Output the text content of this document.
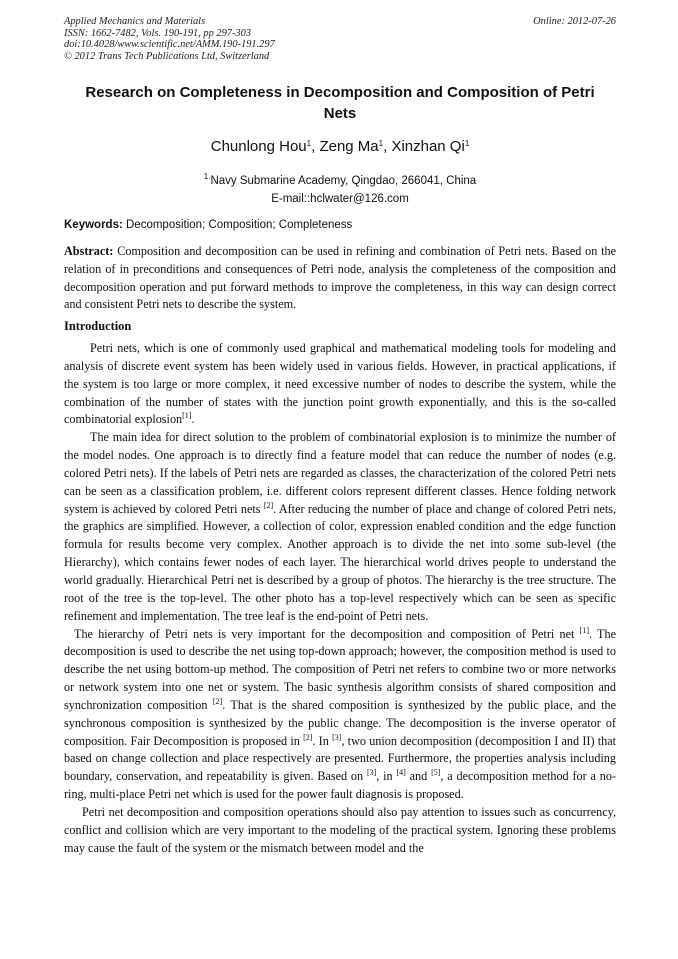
Applied Mechanics and Materials
ISSN: 1662-7482, Vols. 190-191, pp 297-303
doi:10.4028/www.scientific.net/AMM.190-191.297
© 2012 Trans Tech Publications Ltd, Switzerland
Online: 2012-07-26
Research on Completeness in Decomposition and Composition of Petri
Nets
Chunlong Hou$^1$, Zeng Ma$^1$, Xinzhan Qi$^1$
$^{1.}$Navy Submarine Academy, Qingdao, 266041, China
E-mail::hclwater@126.com
Keywords: Decomposition; Composition; Completeness
Abstract: Composition and decomposition can be used in refining and combination of Petri nets. Based on the relation of in preconditions and consequences of Petri node, analysis the completeness of the composition and decomposition operation and put forward methods to improve the completeness, in this way can design correct and consistent Petri nets to describe the system.
Introduction

Petri nets, which is one of commonly used graphical and mathematical modeling tools for modeling and analysis of discrete event system has been widely used in various fields. However, in practical applications, if the system is too large or more complex, it need excessive number of nodes to describe the system, while the combination of the number of states with the junction point growth exponentially, and this is the so-called combinatorial explosion[1].

The main idea for direct solution to the problem of combinatorial explosion is to minimize the number of the model nodes. One approach is to directly find a feature model that can reduce the number of nodes (e.g. colored Petri nets). If the labels of Petri nets are regarded as classes, the characterization of the colored Petri nets can be seen as a classification problem, i.e. different colors represent different classes. Hence folding network system is achieved by colored Petri nets [2]. After reducing the number of place and change of colored Petri nets, the graphics are simplified. However, a collection of color, expression enabled condition and the edge function formula for results become very complex. Another approach is to divide the net into some sub-level (the Hierarchy), which contains fewer nodes of each layer. The hierarchical world drives people to understand the world gradually. Hierarchical Petri net is described by a group of photos. The hierarchy is the tree structure. The root of the tree is the top-level. The other photo has a top-level respectively which can be seen as specific refinement and implementation. The tree leaf is the end-point of Petri nets.

The hierarchy of Petri nets is very important for the decomposition and composition of Petri net [1]. The decomposition is used to describe the net using top-down approach; however, the composition method is used to describe the net using bottom-up method. The composition of Petri net refers to combine two or more networks or network system into one net or system. The basic synthesis algorithm consists of shared composition and synchronization composition [2]. That is the shared composition is synthesized by the public place, and the synchronous composition is synthesized by the public change. The decomposition is the inverse operator of composition. Fair Decomposition is proposed in [2]. In [3], two union decomposition (decomposition I and II) that based on change collection and place respectively are presented. Furthermore, the properties analysis including boundary, conservation, and repeatability is given. Based on [3], in [4] and [5], a decomposition method for a no-ring, multi-place Petri net which is used for the power fault diagnosis is proposed.

Petri net decomposition and composition operations should also pay attention to issues such as concurrency, conflict and collision which are very important to the modeling of the practical system. Ignoring these problems may cause the fault of the system or the mismatch between model and the
